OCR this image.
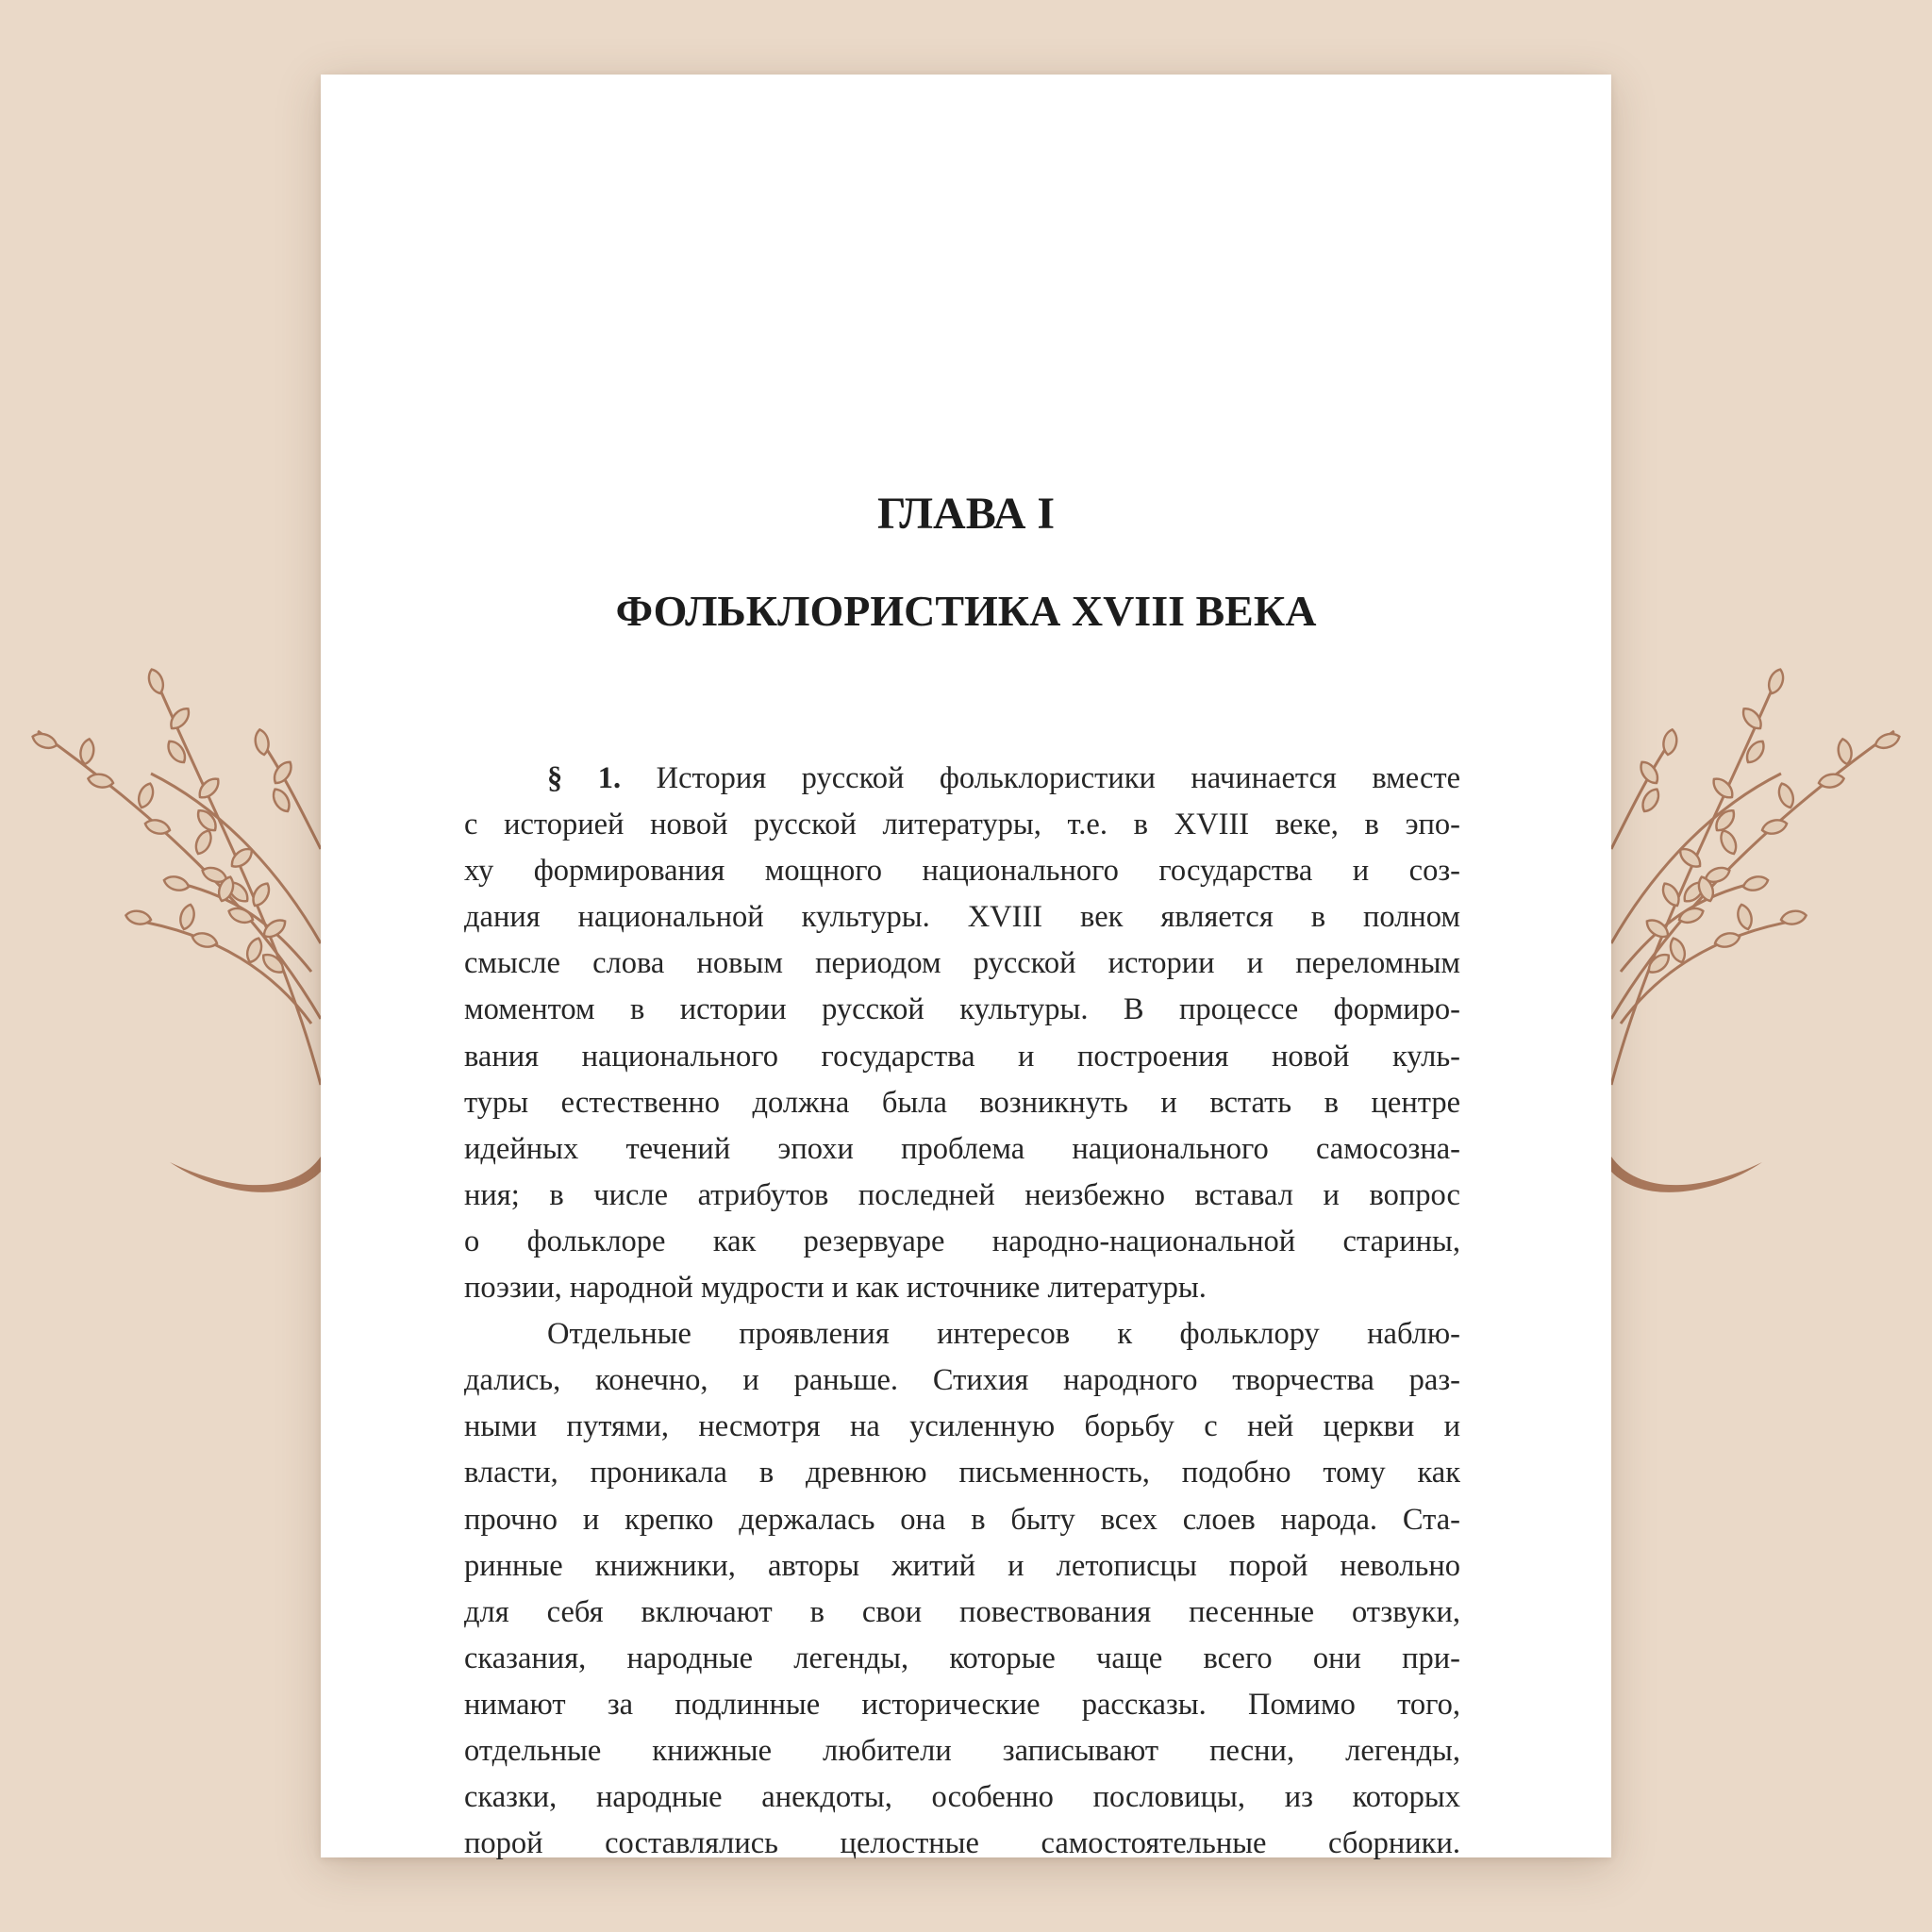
ГЛАВА I
ФОЛЬКЛОРИСТИКА XVIII ВЕКА
§ 1. История русской фольклористики начинается вместе
с историей новой русской литературы, т.е. в XVIII веке, в эпо-
ху формирования мощного национального государства и соз-
дания национальной культуры. XVIII век является в полном
смысле слова новым периодом русской истории и переломным
моментом в истории русской культуры. В процессе формиро-
вания национального государства и построения новой куль-
туры естественно должна была возникнуть и встать в центре
идейных течений эпохи проблема национального самосозна-
ния; в числе атрибутов последней неизбежно вставал и вопрос
о фольклоре как резервуаре народно-национальной старины,
поэзии, народной мудрости и как источнике литературы.
Отдельные проявления интересов к фольклору наблю-
дались, конечно, и раньше. Стихия народного творчества раз-
ными путями, несмотря на усиленную борьбу с ней церкви и
власти, проникала в древнюю письменность, подобно тому как
прочно и крепко держалась она в быту всех слоев народа. Ста-
ринные книжники, авторы житий и летописцы порой невольно
для себя включают в свои повествования песенные отзвуки,
сказания, народные легенды, которые чаще всего они при-
нимают за подлинные исторические рассказы. Помимо того,
отдельные книжные любители записывают песни, легенды,
сказки, народные анекдоты, особенно пословицы, из которых
порой составлялись целостные самостоятельные сборники.
